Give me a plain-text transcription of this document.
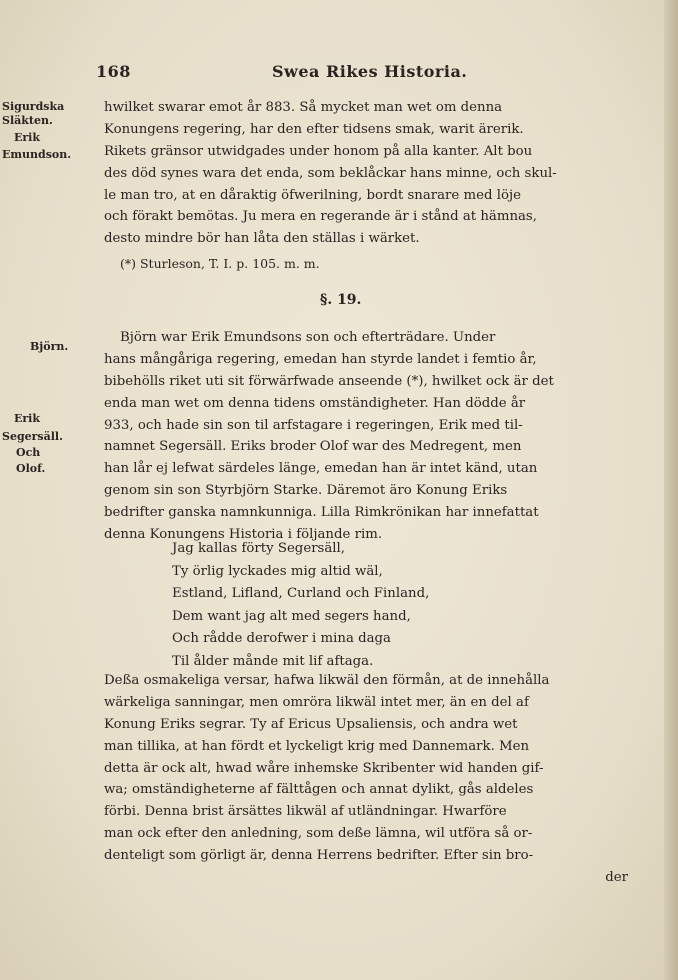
168	Swea Rikes Historia.
Sigurdska
Släkten.
Erik
Emundson.
Björn.
Erik
Segersäll.
Och
Olof.
hwilket swarar emot år 883. Så mycket man wet om denna
Konungens regering, har den efter tidsens smak, warit ärerik.
Rikets gränsor utwidgades under honom på alla kanter. Alt bou
des död synes wara det enda, som beklåckar hans minne, och skul-
le man tro, at en dåraktig öfwerilning, bordt snarare med löje
och förakt bemötas. Ju mera en regerande är i stånd at hämnas,
desto mindre bör han låta den ställas i wärket.
(*) Sturleson, T. I. p. 105. m. m.
§. 19.
Björn war Erik Emundsons son och efterträdare. Under
hans mångåriga regering, emedan han styrde landet i femtio år,
bibehölls riket uti sit förwärfwade anseende (*), hwilket ock är det
enda man wet om denna tidens omständigheter. Han dödde år
933, och hade sin son til arfstagare i regeringen, Erik med til-
namnet Segersäll. Eriks broder Olof war des Medregent, men
han lår ej lefwat särdeles länge, emedan han är intet känd, utan
genom sin son Styrbjörn Starke. Däremot äro Konung Eriks
bedrifter ganska namnkunniga. Lilla Rimkrönikan har innefattat
denna Konungens Historia i följande rim.
Jag kallas förty Segersäll,
Ty örlig lyckades mig altid wäl,
Estland, Lifland, Curland och Finland,
Dem want jag alt med segers hand,
Och rådde derofwer i mina daga
Til ålder månde mit lif aftaga.
Deßa osmakeliga versar, hafwa likwäl den förmån, at de innehålla
wärkeliga sanningar, men omröra likwäl intet mer, än en del af
Konung Eriks segrar. Ty af Ericus Upsaliensis, och andra wet
man tillika, at han fördt et lyckeligt krig med Dannemark. Men
detta är ock alt, hwad wåre inhemske Skribenter wid handen gif-
wa; omständigheterne af fälttågen och annat dylikt, gås aldeles
förbi. Denna brist ärsättes likwäl af utländningar. Hwarföre
man ock efter den anledning, som deße lämna, wil utföra så or-
denteligt som görligt är, denna Herrens bedrifter. Efter sin bro-
der
